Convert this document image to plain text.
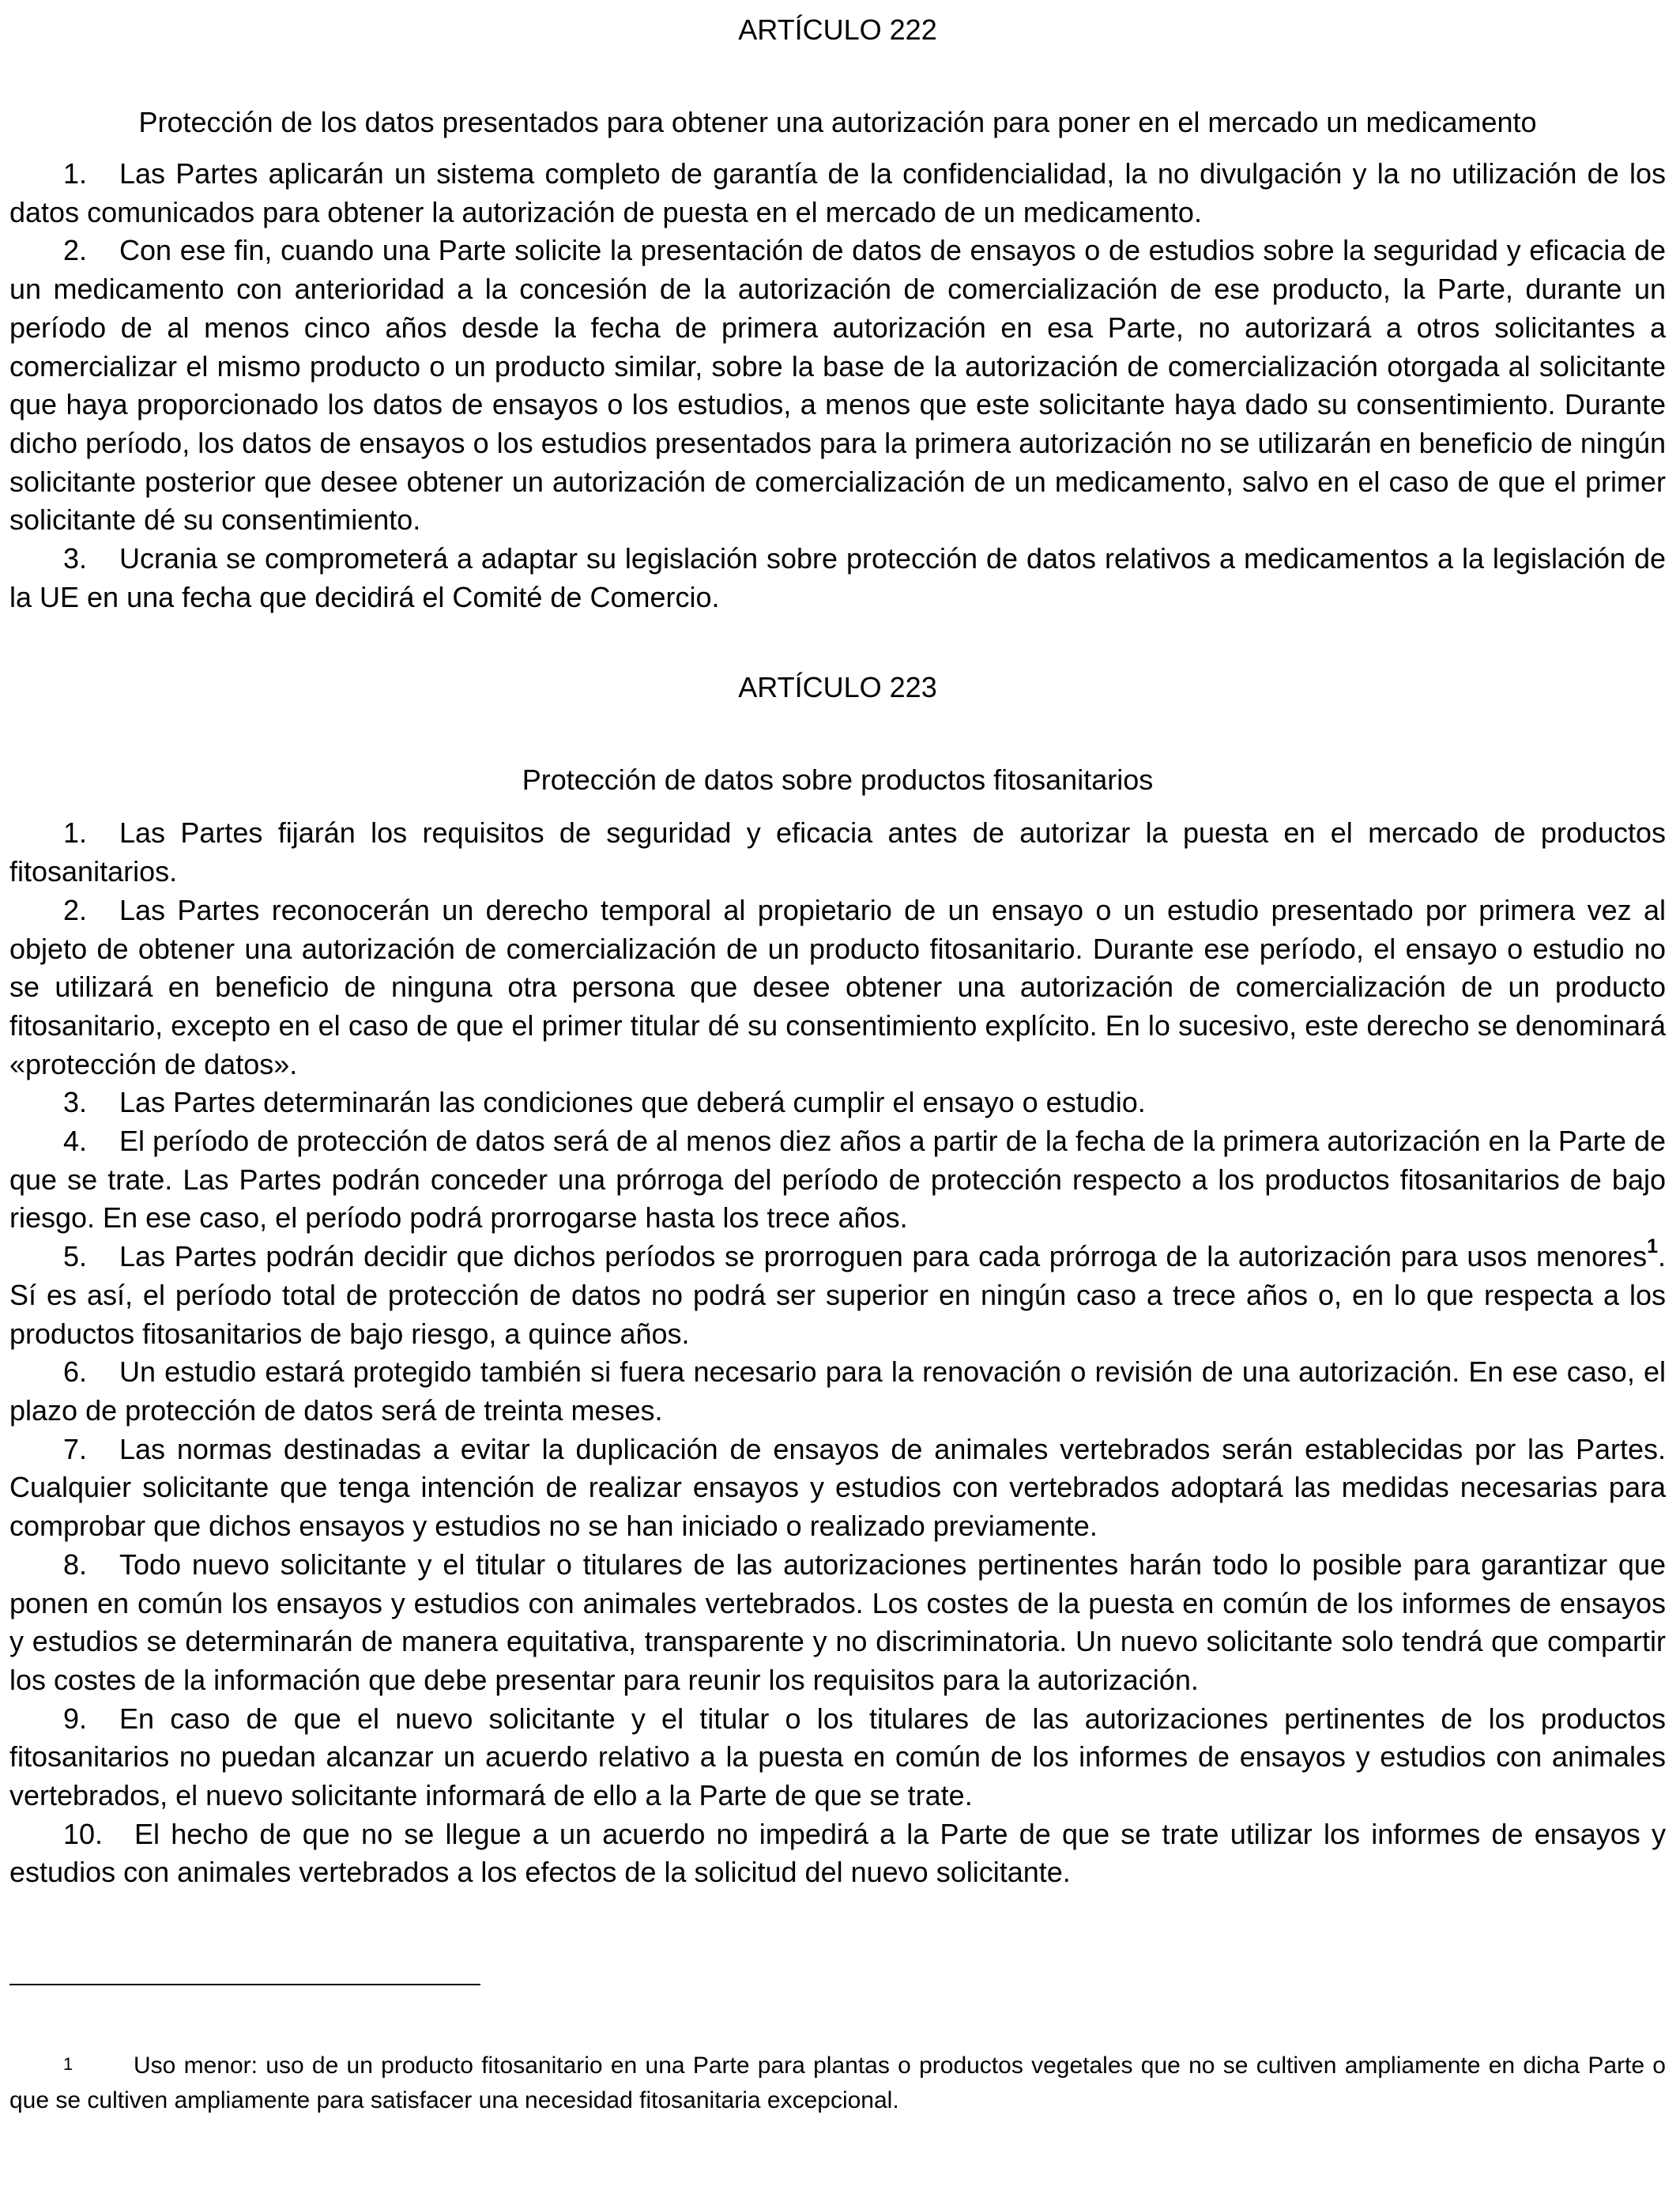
ARTÍCULO 222

Protección de los datos presentados para obtener una autorización para poner en el mercado un medicamento

1. Las Partes aplicarán un sistema completo de garantía de la confidencialidad, la no divulgación y la no utilización de los datos comunicados para obtener la autorización de puesta en el mercado de un medicamento.

2. Con ese fin, cuando una Parte solicite la presentación de datos de ensayos o de estudios sobre la seguridad y eficacia de un medicamento con anterioridad a la concesión de la autorización de comercialización de ese producto, la Parte, durante un período de al menos cinco años desde la fecha de primera autorización en esa Parte, no autorizará a otros solicitantes a comercializar el mismo producto o un producto similar, sobre la base de la autorización de comercialización otorgada al solicitante que haya proporcionado los datos de ensayos o los estudios, a menos que este solicitante haya dado su consentimiento. Durante dicho período, los datos de ensayos o los estudios presentados para la primera autorización no se utilizarán en beneficio de ningún solicitante posterior que desee obtener un autorización de comercialización de un medicamento, salvo en el caso de que el primer solicitante dé su consentimiento.

3. Ucrania se comprometerá a adaptar su legislación sobre protección de datos relativos a medicamentos a la legislación de la UE en una fecha que decidirá el Comité de Comercio.

ARTÍCULO 223

Protección de datos sobre productos fitosanitarios

1. Las Partes fijarán los requisitos de seguridad y eficacia antes de autorizar la puesta en el mercado de productos fitosanitarios.

2. Las Partes reconocerán un derecho temporal al propietario de un ensayo o un estudio presentado por primera vez al objeto de obtener una autorización de comercialización de un producto fitosanitario. Durante ese período, el ensayo o estudio no se utilizará en beneficio de ninguna otra persona que desee obtener una autorización de comercialización de un producto fitosanitario, excepto en el caso de que el primer titular dé su consentimiento explícito. En lo sucesivo, este derecho se denominará «protección de datos».

3. Las Partes determinarán las condiciones que deberá cumplir el ensayo o estudio.

4. El período de protección de datos será de al menos diez años a partir de la fecha de la primera autorización en la Parte de que se trate. Las Partes podrán conceder una prórroga del período de protección respecto a los productos fitosanitarios de bajo riesgo. En ese caso, el período podrá prorrogarse hasta los trece años.

5. Las Partes podrán decidir que dichos períodos se prorroguen para cada prórroga de la autorización para usos menores$^1$. Sí es así, el período total de protección de datos no podrá ser superior en ningún caso a trece años o, en lo que respecta a los productos fitosanitarios de bajo riesgo, a quince años.

6. Un estudio estará protegido también si fuera necesario para la renovación o revisión de una autorización. En ese caso, el plazo de protección de datos será de treinta meses.

7. Las normas destinadas a evitar la duplicación de ensayos de animales vertebrados serán establecidas por las Partes. Cualquier solicitante que tenga intención de realizar ensayos y estudios con vertebrados adoptará las medidas necesarias para comprobar que dichos ensayos y estudios no se han iniciado o realizado previamente.

8. Todo nuevo solicitante y el titular o titulares de las autorizaciones pertinentes harán todo lo posible para garantizar que ponen en común los ensayos y estudios con animales vertebrados. Los costes de la puesta en común de los informes de ensayos y estudios se determinarán de manera equitativa, transparente y no discriminatoria. Un nuevo solicitante solo tendrá que compartir los costes de la información que debe presentar para reunir los requisitos para la autorización.

9. En caso de que el nuevo solicitante y el titular o los titulares de las autorizaciones pertinentes de los productos fitosanitarios no puedan alcanzar un acuerdo relativo a la puesta en común de los informes de ensayos y estudios con animales vertebrados, el nuevo solicitante informará de ello a la Parte de que se trate.

10. El hecho de que no se llegue a un acuerdo no impedirá a la Parte de que se trate utilizar los informes de ensayos y estudios con animales vertebrados a los efectos de la solicitud del nuevo solicitante.

1	Uso menor: uso de un producto fitosanitario en una Parte para plantas o productos vegetales que no se cultiven ampliamente en dicha Parte o que se cultiven ampliamente para satisfacer una necesidad fitosanitaria excepcional.
